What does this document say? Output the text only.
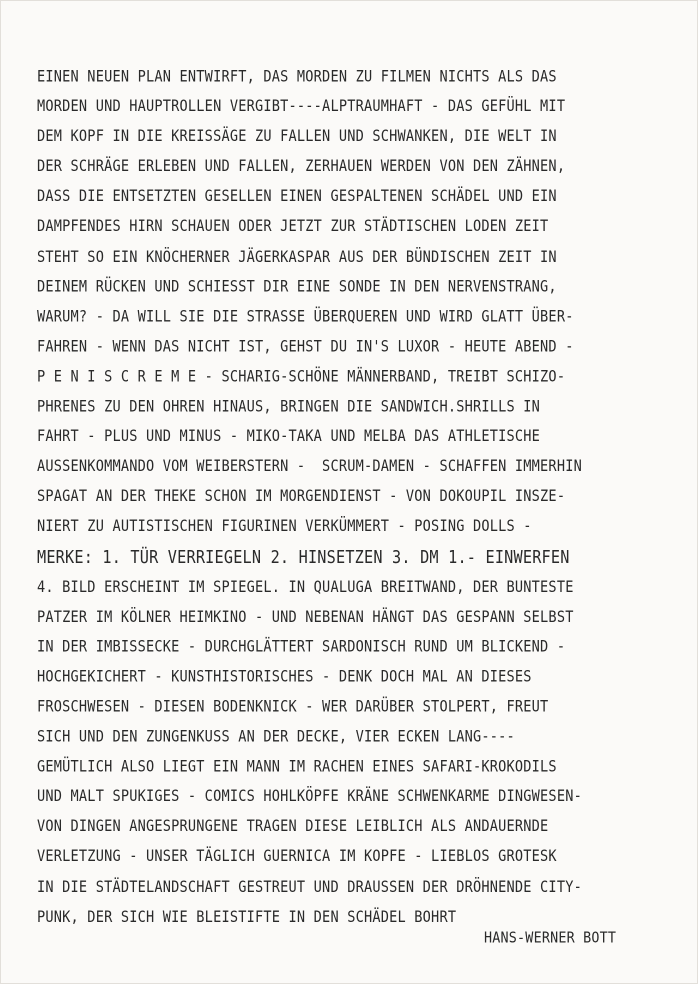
EINEN NEUEN PLAN ENTWIRFT, DAS MORDEN ZU FILMEN NICHTS ALS DAS
MORDEN UND HAUPTROLLEN VERGIBT----ALPTRAUMHAFT - DAS GEFÜHL MIT
DEM KOPF IN DIE KREISSÄGE ZU FALLEN UND SCHWANKEN, DIE WELT IN
DER SCHRÄGE ERLEBEN UND FALLEN, ZERHAUEN WERDEN VON DEN ZÄHNEN,
DASS DIE ENTSETZTEN GESELLEN EINEN GESPALTENEN SCHÄDEL UND EIN
DAMPFENDES HIRN SCHAUEN ODER JETZT ZUR STÄDTISCHEN LODEN ZEIT
STEHT SO EIN KNÖCHERNER JÄGERKASPAR AUS DER BÜNDISCHEN ZEIT IN
DEINEM RÜCKEN UND SCHIESST DIR EINE SONDE IN DEN NERVENSTRANG,
WARUM? - DA WILL SIE DIE STRASSE ÜBERQUEREN UND WIRD GLATT ÜBER-
FAHREN - WENN DAS NICHT IST, GEHST DU IN'S LUXOR - HEUTE ABEND -
P E N I S C R E M E - SCHARIG-SCHÖNE MÄNNERBAND, TREIBT SCHIZO-
PHRENES ZU DEN OHREN HINAUS, BRINGEN DIE SANDWICH.SHRILLS IN
FAHRT - PLUS UND MINUS - MIKO-TAKA UND MELBA DAS ATHLETISCHE
AUSSENKOMMANDO VOM WEIBERSTERN -  SCRUM-DAMEN - SCHAFFEN IMMERHIN
SPAGAT AN DER THEKE SCHON IM MORGENDIENST - VON DOKOUPIL INSZE-
NIERT ZU AUTISTISCHEN FIGURINEN VERKÜMMERT - POSING DOLLS -
MERKE: 1. TÜR VERRIEGELN 2. HINSETZEN 3. DM 1.- EINWERFEN
4. BILD ERSCHEINT IM SPIEGEL. IN QUALUGA BREITWAND, DER BUNTESTE
PATZER IM KÖLNER HEIMKINO - UND NEBENAN HÄNGT DAS GESPANN SELBST
IN DER IMBISSECKE - DURCHGLÄTTERT SARDONISCH RUND UM BLICKEND -
HOCHGEKICHERT - KUNSTHISTORISCHES - DENK DOCH MAL AN DIESES
FROSCHWESEN - DIESEN BODENKNICK - WER DARÜBER STOLPERT, FREUT
SICH UND DEN ZUNGENKUSS AN DER DECKE, VIER ECKEN LANG----
GEMÜTLICH ALSO LIEGT EIN MANN IM RACHEN EINES SAFARI-KROKODILS
UND MALT SPUKIGES - COMICS HOHLKÖPFE KRÄNE SCHWENKARME DINGWESEN-
VON DINGEN ANGESPRUNGENE TRAGEN DIESE LEIBLICH ALS ANDAUERNDE
VERLETZUNG - UNSER TÄGLICH GUERNICA IM KOPFE - LIEBLOS GROTESK
IN DIE STÄDTELANDSCHAFT GESTREUT UND DRAUSSEN DER DRÖHNENDE CITY-
PUNK, DER SICH WIE BLEISTIFTE IN DEN SCHÄDEL BOHRT
HANS-WERNER BOTT
